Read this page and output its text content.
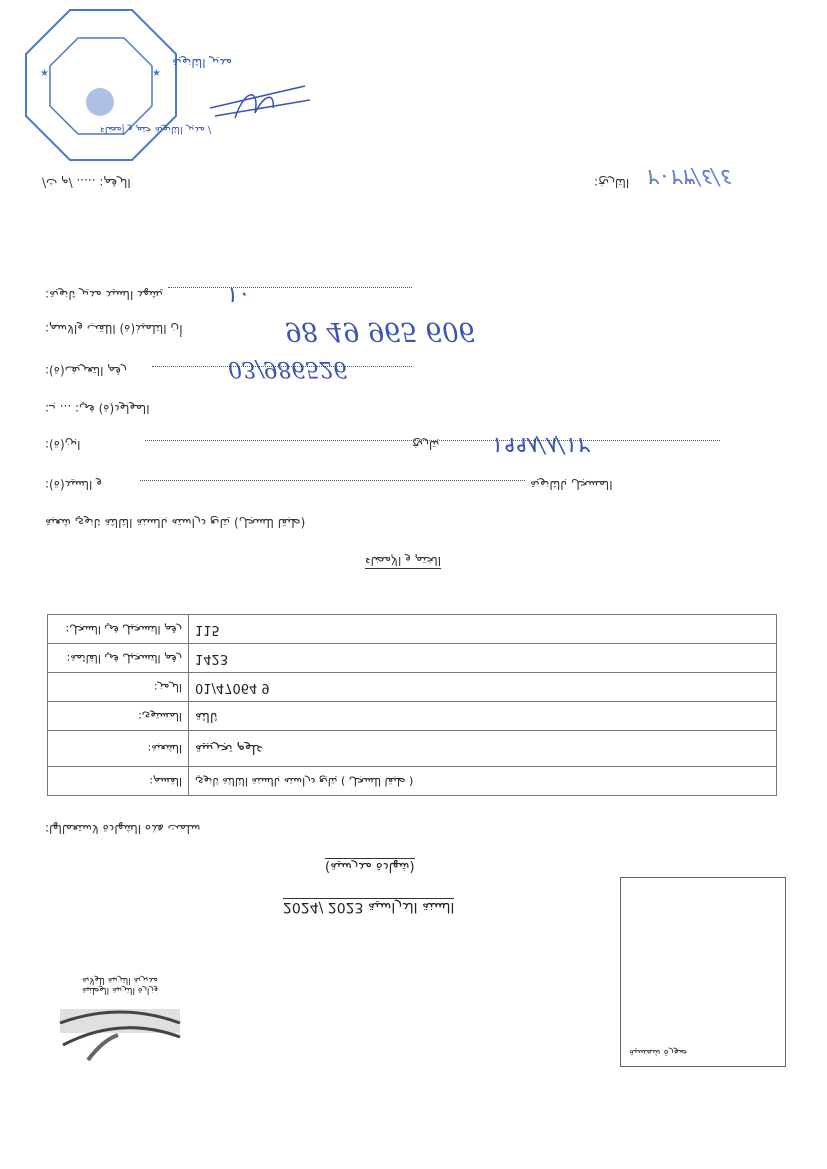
★	★
مدير الثانوية
/ مدير الثانوية ختم و إمضاء
الرقم: ..... /م ث/	التاريخ: ٢٠٢٣/٤/٤
يشهد السيد مدير ثانوية:	١٠
أن التلميذ(ة) اللقب والاسم:	98 49 965 606
رقم التعريف(ة):	03/986526
المولود(ة) في: ... بـ:
ابن(ة):	بتاريخ ١٩٩٨/٨/١٢
و السيد(ة):	المسجل بالثانوية
(طبقا للسجل) يتابع دراسته بالسنة الثالثة ثانوي شعبة
الختم و الإمضاء
رقم التسجيل في السجل:	115
رقم التسجيل في القائمة:	1423
الرمز:	01/47064 9
المستوى:	ثالثة
الشعبة:	علوم تجريبية
القسم:	( طبقا للسجل ) يتابع دراسته بالسنة الثالثة ثانوي
سلمت هذه الشهادة لاستعمالها:
(شهادة مدرسية)
السنة الدراسية 2023 /2024
صورة شمسية
وزارة التربية الوطنية
مديرية التربية للولاية
